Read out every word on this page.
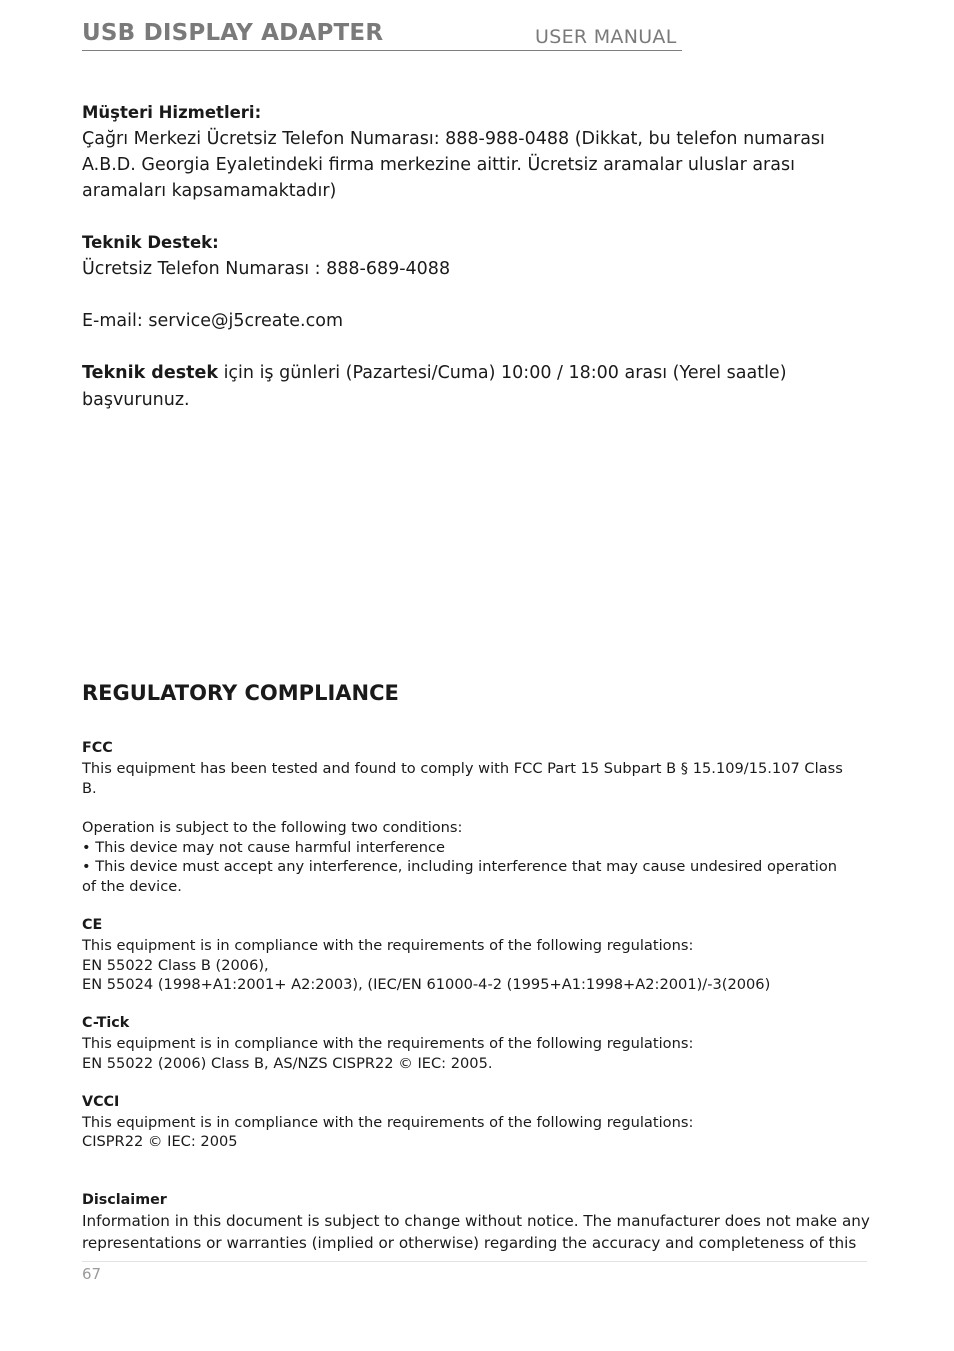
USB DISPLAY ADAPTER	USER MANUAL
Müşteri Hizmetleri:
Çağrı Merkezi Ücretsiz Telefon Numarası: 888-988-0488 (Dikkat, bu telefon numarası
A.B.D. Georgia Eyaletindeki firma merkezine aittir. Ücretsiz aramalar uluslar arası
aramaları kapsamamaktadır)
Teknik Destek:
Ücretsiz Telefon Numarası : 888-689-4088
E-mail: service@j5create.com
Teknik destek için iş günleri (Pazartesi/Cuma) 10:00 / 18:00 arası (Yerel saatle)
başvurunuz.
REGULATORY COMPLIANCE
FCC
This equipment has been tested and found to comply with FCC Part 15 Subpart B § 15.109/15.107 Class
B.
Operation is subject to the following two conditions:
• This device may not cause harmful interference
• This device must accept any interference, including interference that may cause undesired operation
of the device.
CE
This equipment is in compliance with the requirements of the following regulations:
EN 55022 Class B (2006),
EN 55024 (1998+A1:2001+ A2:2003), (IEC/EN 61000-4-2 (1995+A1:1998+A2:2001)/-3(2006)
C-Tick
This equipment is in compliance with the requirements of the following regulations:
EN 55022 (2006) Class B, AS/NZS CISPR22 © IEC: 2005.
VCCI
This equipment is in compliance with the requirements of the following regulations:
CISPR22 © IEC: 2005
Disclaimer
Information in this document is subject to change without notice. The manufacturer does not make any
representations or warranties (implied or otherwise) regarding the accuracy and completeness of this
67
